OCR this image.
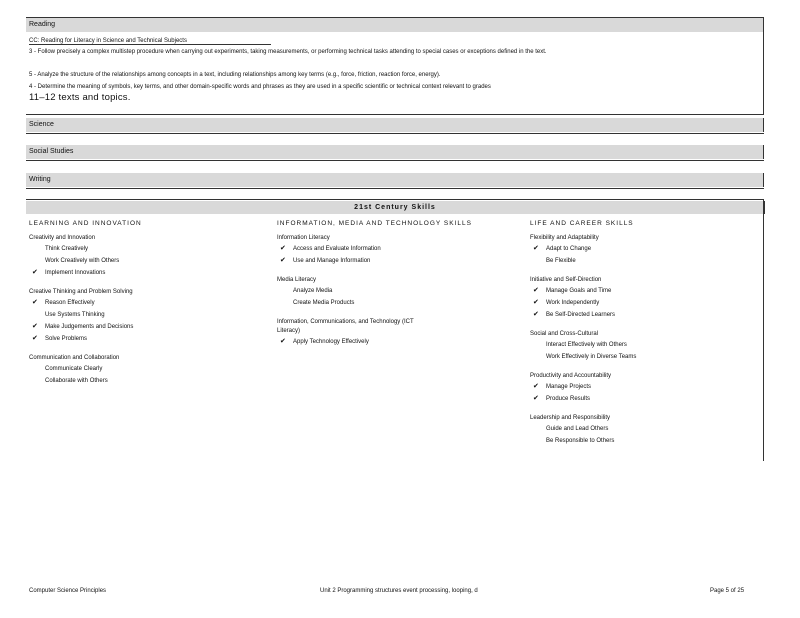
Reading
CC: Reading for Literacy in Science and Technical Subjects
3 - Follow precisely a complex multistep procedure when carrying out experiments, taking measurements, or performing technical tasks attending to special cases or exceptions defined in the text.
5 - Analyze the structure of the relationships among concepts in a text, including relationships among key terms (e.g., force, friction, reaction force, energy).
4 - Determine the meaning of symbols, key terms, and other domain-specific words and phrases as they are used in a specific scientific or technical context relevant to grades
11–12 texts and topics.
Science
Social Studies
Writing
21st Century Skills
LEARNING AND INNOVATION
Creativity and Innovation
Think Creatively
Work Creatively with Others
✔ Implement Innovations
Creative Thinking and Problem Solving
✔ Reason Effectively
Use Systems Thinking
✔ Make Judgements and Decisions
✔ Solve Problems
Communication and Collaboration
Communicate Clearly
Collaborate with Others
INFORMATION, MEDIA AND TECHNOLOGY SKILLS
Information Literacy
✔ Access and Evaluate Information
✔ Use and Manage Information
Media Literacy
Analyze Media
Create Media Products
Information, Communications, and Technology (ICT Literacy)
✔ Apply Technology Effectively
LIFE AND CAREER SKILLS
Flexibility and Adaptability
✔ Adapt to Change
Be Flexible
Initiative and Self-Direction
✔ Manage Goals and Time
✔ Work Independently
✔ Be Self-Directed Learners
Social and Cross-Cultural
Interact Effectively with Others
Work Effectively in Diverse Teams
Productivity and Accountability
✔ Manage Projects
✔ Produce Results
Leadership and Responsibility
Guide and Lead Others
Be Responsible to Others
Computer Science Principles	Unit 2 Programming structures event processing, looping, d	Page 5 of 25
